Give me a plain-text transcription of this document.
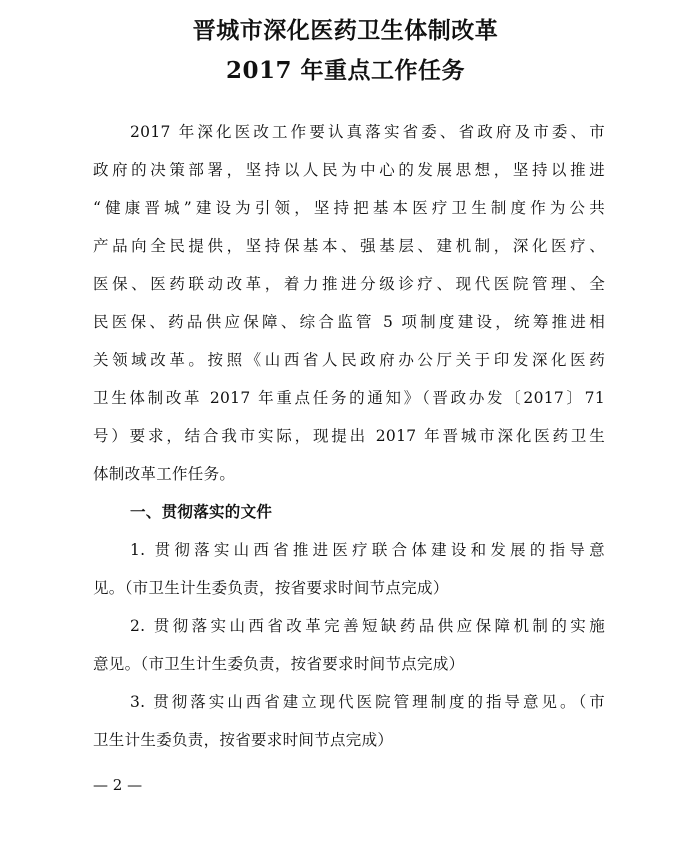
晋城市深化医药卫生体制改革
2017 年重点工作任务
2017 年深化医改工作要认真落实省委、省政府及市委、市
政府的决策部署，坚持以人民为中心的发展思想，坚持以推进
“健康晋城”建设为引领，坚持把基本医疗卫生制度作为公共
产品向全民提供，坚持保基本、强基层、建机制，深化医疗、
医保、医药联动改革，着力推进分级诊疗、现代医院管理、全
民医保、药品供应保障、综合监管 5 项制度建设，统筹推进相
关领域改革。按照《山西省人民政府办公厅关于印发深化医药
卫生体制改革 2017 年重点任务的通知》（晋政办发〔2017〕71
号）要求，结合我市实际，现提出 2017 年晋城市深化医药卫生
体制改革工作任务。
一、贯彻落实的文件
1. 贯彻落实山西省推进医疗联合体建设和发展的指导意
见。（市卫生计生委负责，按省要求时间节点完成）
2. 贯彻落实山西省改革完善短缺药品供应保障机制的实施
意见。（市卫生计生委负责，按省要求时间节点完成）
3. 贯彻落实山西省建立现代医院管理制度的指导意见。（市
卫生计生委负责，按省要求时间节点完成）
— 2 —
